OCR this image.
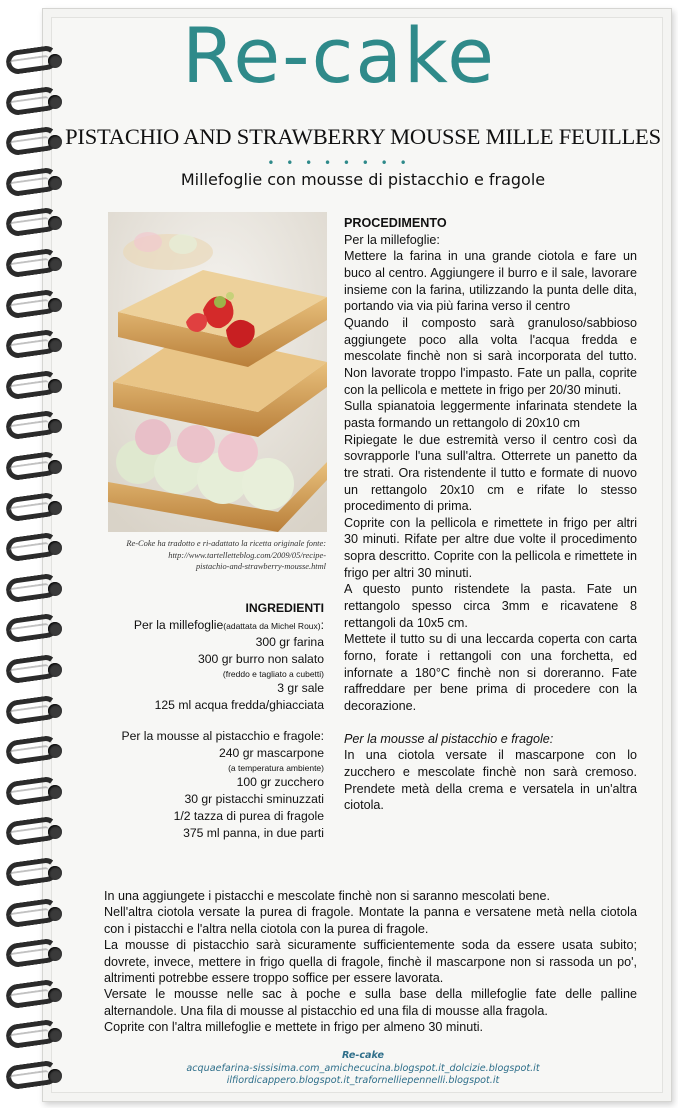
Re-cake
PISTACHIO AND STRAWBERRY MOUSSE MILLE FEUILLES
• • • • • • • •
Millefoglie con mousse di pistacchio e fragole
Re-Coke ha tradotto e ri-adattato la ricetta originale fonte:
http://www.tartelletteblog.com/2009/05/recipe-
pistachio-and-strawberry-mousse.html
INGREDIENTI
Per la millefoglie(adattata da Michel Roux):
300 gr farina
300 gr burro non salato
(freddo e tagliato a cubetti)
3 gr sale
125 ml acqua fredda/ghiacciata
Per la mousse al pistacchio e fragole:
240 gr mascarpone
(a temperatura ambiente)
100 gr zucchero
30 gr pistacchi sminuzzati
1/2 tazza di purea di fragole
375 ml panna, in due parti

PROCEDIMENTO

Per la millefoglie:

Mettere la farina in una grande ciotola e fare un buco al centro. Aggiungere il burro e il sale, lavorare insieme con la farina, utilizzando la punta delle dita, portando via via più farina verso il centro

Quando il composto sarà granuloso/sabbioso aggiungete poco alla volta l'acqua fredda e mescolate finchè non si sarà incorporata del tutto. Non lavorate troppo l'impasto. Fate un palla, coprite con la pellicola e mettete in frigo per 20/30 minuti.

Sulla spianatoia leggermente infarinata stendete la pasta formando un rettangolo di 20x10 cm

Ripiegate le due estremità verso il centro così da sovrapporle l'una sull'altra. Otterrete un panetto da tre strati. Ora ristendente il tutto e formate di nuovo un rettangolo 20x10 cm e rifate lo stesso procedimento di prima.

Coprite con la pellicola e rimettete in frigo per altri 30 minuti. Rifate per altre due volte il procedimento sopra descritto. Coprite con la pellicola e rimettete in frigo per altri 30 minuti.

A questo punto ristendete la pasta. Fate un rettangolo spesso circa 3mm e ricavatene 8 rettangoli da 10x5 cm.

Mettete il tutto su di una leccarda coperta con carta forno, forate i rettangoli con una forchetta, ed infornate a 180°C finchè non si doreranno. Fate raffreddare per bene prima di procedere con la decorazione.

Per la mousse al pistacchio e fragole:

In una ciotola versate il mascarpone con lo zucchero e mescolate finchè non sarà cremoso. Prendete metà della crema e versatela in un'altra ciotola.

In una aggiungete i pistacchi e mescolate finchè non si saranno mescolati bene.

Nell'altra ciotola versate la purea di fragole. Montate la panna e versatene metà nella ciotola con i pistacchi e l'altra nella ciotola con la purea di fragole.

La mousse di pistacchio sarà sicuramente sufficientemente soda da essere usata subito; dovrete, invece, mettere in frigo quella di fragole, finchè il mascarpone non si rassoda un po', altrimenti potrebbe essere troppo soffice per essere lavorata.

Versate le mousse nelle sac à poche e sulla base della millefoglie fate delle palline alternandole. Una fila di mousse al pistacchio ed una fila di mousse alla fragola.

Coprite con l'altra millefoglie e mettete in frigo per almeno 30 minuti.

Re-cake
acquaefarina-sissisima.com_amichecucina.blogspot.it_dolcizie.blogspot.it
ilfiordicappero.blogspot.it_trafornelliepennelli.blogspot.it
